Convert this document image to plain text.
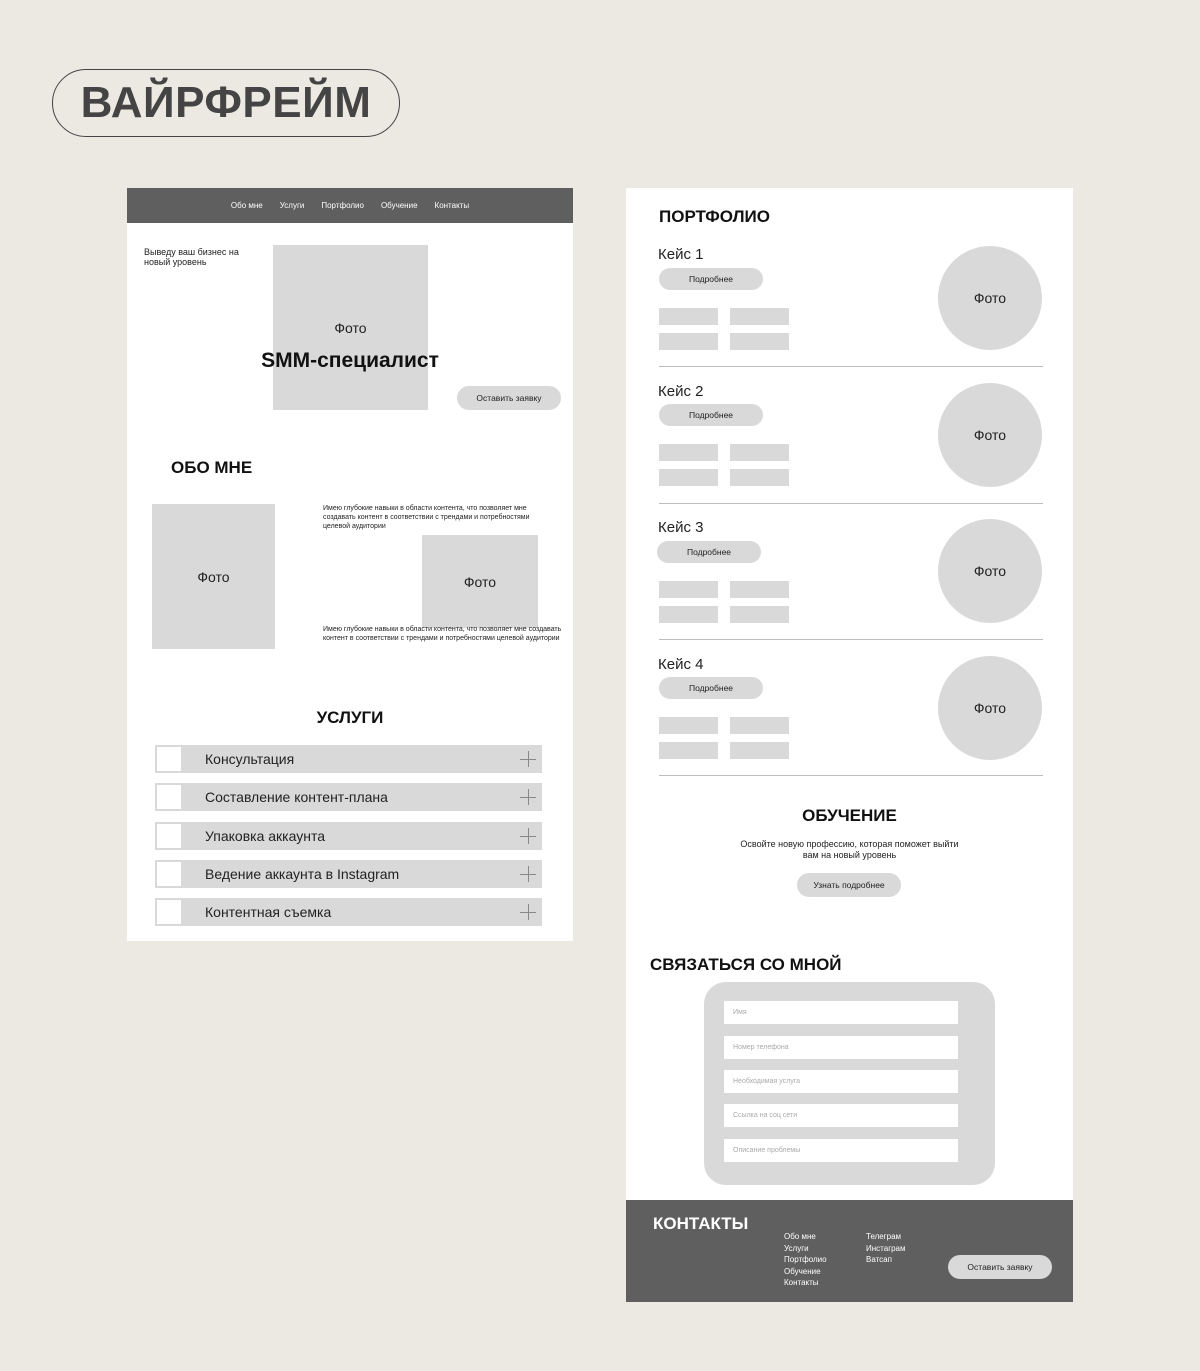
ВАЙРФРЕЙМ
Обо мне Услуги Портфолио Обучение Контакты
Выведу ваш бизнес на новый уровень
Фото
SMM-специалист
Оставить заявку
ОБО МНЕ
Фото
Имею глубокие навыки в области контента, что позволяет мне создавать контент в соответствии с трендами и потребностями целевой аудитории
Фото
Имею глубокие навыки в области контента, что позволяет мне создавать контент в соответствии с трендами и потребностями целевой аудитории
УСЛУГИ
Консультация
Составление контент-плана
Упаковка аккаунта
Ведение аккаунта в Instagram
Контентная съемка
ПОРТФОЛИО
Кейс 1
Подробнее
Фото
Кейс 2
Подробнее
Фото
Кейс 3
Подробнее
Фото
Кейс 4
Подробнее
Фото
ОБУЧЕНИЕ
Освойте новую профессию, которая поможет выйти вам на новый уровень
Узнать подробнее
СВЯЗАТЬСЯ СО МНОЙ
Имя
Номер телефона
Необходимая услуга
Ссылка на соц сети
Описание проблемы
КОНТАКТЫ
Обо мне
Услуги
Портфолио
Обучение
Контакты
Телеграм
Инстаграм
Ватсап
Оставить заявку
